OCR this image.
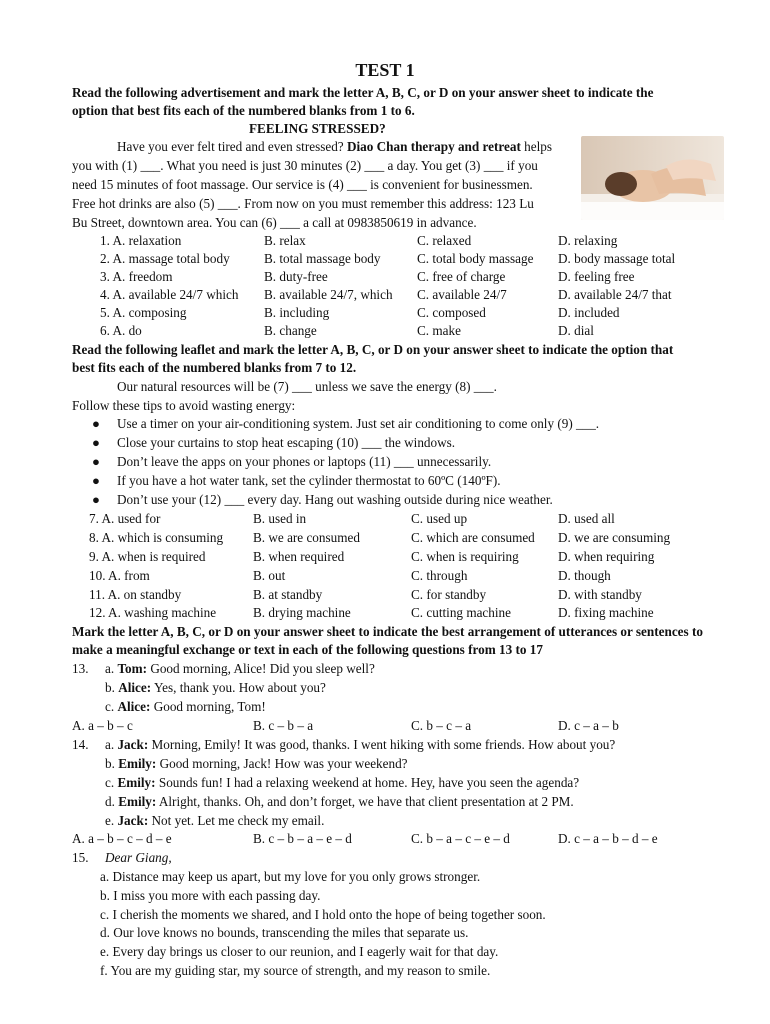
TEST 1
Read the following advertisement and mark the letter A, B, C, or D on your answer sheet to indicate the
option that best fits each of the numbered blanks from 1 to 6.
FEELING STRESSED?
Have you ever felt tired and even stressed? Diao Chan therapy and retreat helps
you with (1) ___. What you need is just 30 minutes (2) ___ a day. You get (3) ___ if you
need 15 minutes of foot massage. Our service is (4) ___ is convenient for businessmen.
Free hot drinks are also (5) ___. From now on you must remember this address: 123 Lu
Bu Street, downtown area. You can (6) ___ a call at 0983850619 in advance.
1. A. relaxation	B. relax	C. relaxed	D. relaxing
2. A. massage total body	B. total massage body	C. total body massage D. body massage total
3. A. freedom	B. duty-free	C. free of charge	D. feeling free
4. A. available 24/7 which B. available 24/7, which C. available 24/7	D. available 24/7 that
5. A. composing	B. including	C. composed	D. included
6. A. do	B. change	C. make	D. dial
Read the following leaflet and mark the letter A, B, C, or D on your answer sheet to indicate the option that
best fits each of the numbered blanks from 7 to 12.
Our natural resources will be (7) ___ unless we save the energy (8) ___.
Follow these tips to avoid wasting energy:
● Use a timer on your air-conditioning system. Just set air conditioning to come only (9) ___.
● Close your curtains to stop heat escaping (10) ___ the windows.
● Don’t leave the apps on your phones or laptops (11) ___ unnecessarily.
● If you have a hot water tank, set the cylinder thermostat to 60ºC (140ºF).
● Don’t use your (12) ___ every day. Hang out washing outside during nice weather.
7. A. used for	B. used in	C. used up	D. used all
8. A. which is consuming B. we are consumed	C. which are consumed D. we are consuming
9. A. when is required	B. when required	C. when is requiring	D. when requiring
10. A. from	B. out	C. through	D. though
11. A. on standby	B. at standby	C. for standby	D. with standby
12. A. washing machine	B. drying machine	C. cutting machine	D. fixing machine
Mark the letter A, B, C, or D on your answer sheet to indicate the best arrangement of utterances or sentences to
make a meaningful exchange or text in each of the following questions from 13 to 17
13. a. Tom: Good morning, Alice! Did you sleep well?
b. Alice: Yes, thank you. How about you?
c. Alice: Good morning, Tom!
A. a – b – c	B. c – b – a	C. b – c – a	D. c – a – b
14. a. Jack: Morning, Emily! It was good, thanks. I went hiking with some friends. How about you?
b. Emily: Good morning, Jack! How was your weekend?
c. Emily: Sounds fun! I had a relaxing weekend at home. Hey, have you seen the agenda?
d. Emily: Alright, thanks. Oh, and don’t forget, we have that client presentation at 2 PM.
e. Jack: Not yet. Let me check my email.
A. a – b – c – d – e	B. c – b – a – e – d	C. b – a – c – e – d	D. c – a – b – d – e
15. Dear Giang,
a. Distance may keep us apart, but my love for you only grows stronger.
b. I miss you more with each passing day.
c. I cherish the moments we shared, and I hold onto the hope of being together soon.
d. Our love knows no bounds, transcending the miles that separate us.
e. Every day brings us closer to our reunion, and I eagerly wait for that day.
f. You are my guiding star, my source of strength, and my reason to smile.
